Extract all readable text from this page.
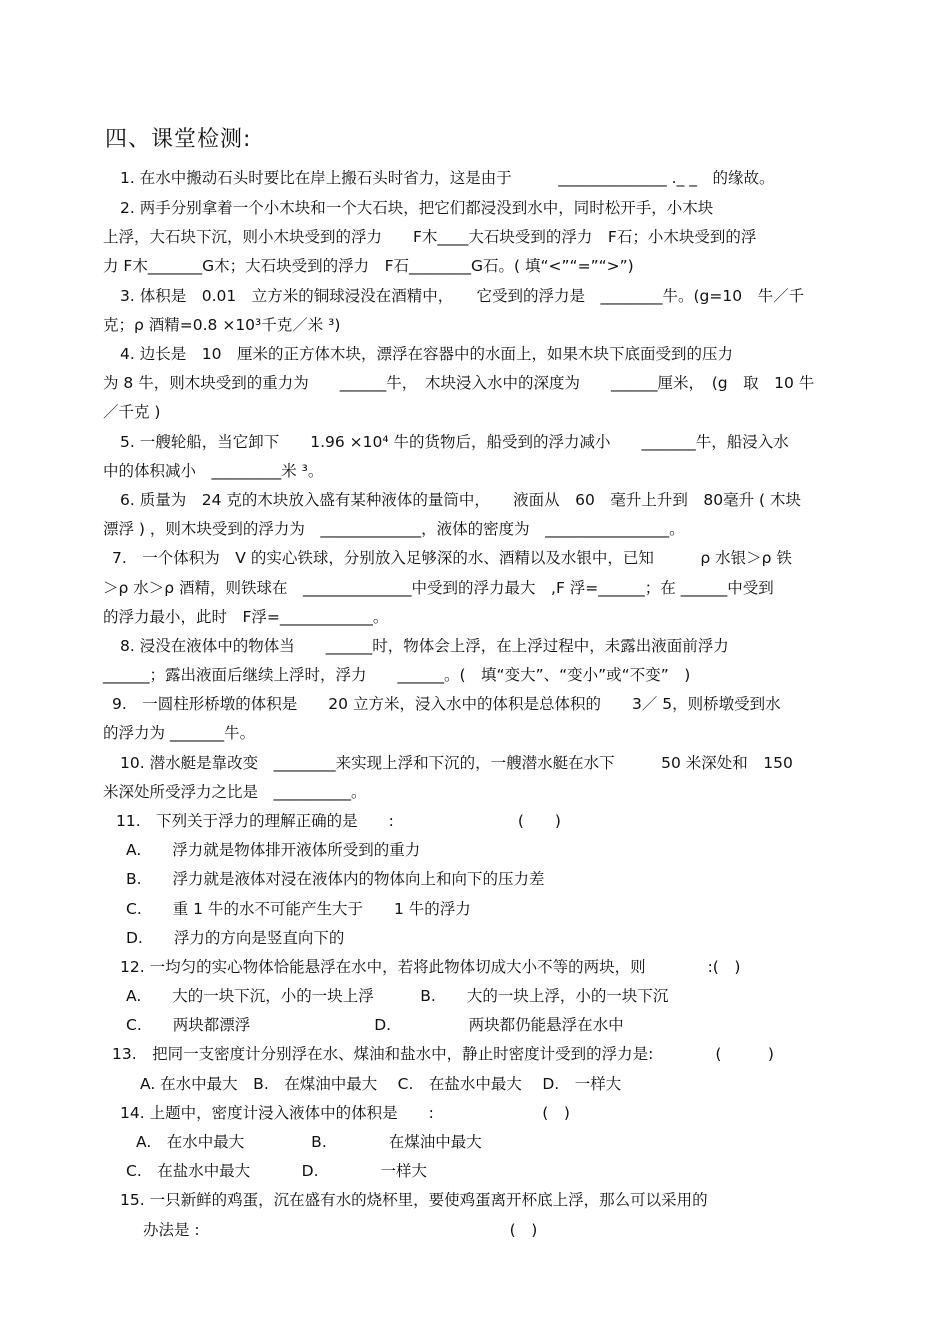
四、课堂检测:
1. 在水中搬动石头时要比在岸上搬石头时省力，这是由于　　　______________ ._ _　的缘故。
2. 两手分别拿着一个小木块和一个大石块，把它们都浸没到水中，同时松开手，小木块
上浮，大石块下沉，则小木块受到的浮力　　F木____大石块受到的浮力　F石；小木块受到的浮
力 F木_______G木；大石块受到的浮力　F石________G石。( 填“<”“=”“>”)
3. 体积是　0.01　立方米的铜球浸没在酒精中，　　它受到的浮力是　________牛。(g=10　牛／千
克；ρ 酒精=0.8 ×10³千克／米 ³)
4. 边长是　10　厘米的正方体木块，漂浮在容器中的水面上，如果木块下底面受到的压力
为 8 牛，则木块受到的重力为　　______牛，　木块浸入水中的深度为　　______厘米，　(g　取　10 牛
／千克 )
5. 一艘轮船，当它卸下　　1.96 ×10⁴ 牛的货物后，船受到的浮力减小　　_______牛，船浸入水
中的体积减小　_________米 ³。
6. 质量为　24 克的木块放入盛有某种液体的量筒中，　　液面从　60　毫升上升到　80毫升 ( 木块
漂浮 ) ，则木块受到的浮力为　_____________，液体的密度为　________________。
7.　一个体积为　V 的实心铁球，分别放入足够深的水、酒精以及水银中，已知　　　ρ 水银＞ρ 铁
＞ρ 水＞ρ 酒精，则铁球在　______________中受到的浮力最大　,F 浮=______；在 ______中受到
的浮力最小，此时　F浮=____________。
8. 浸没在液体中的物体当　　______时，物体会上浮，在上浮过程中，未露出液面前浮力
______；露出液面后继续上浮时，浮力　　______。(　填“变大”、“变小”或“不变”　)
9.　一圆柱形桥墩的体积是　　20 立方米，浸入水中的体积是总体积的　　3／ 5，则桥墩受到水
的浮力为 _______牛。
10. 潜水艇是靠改变　________来实现上浮和下沉的，一艘潜水艇在水下　　　50 米深处和　150
米深处所受浮力之比是　__________。
11.　下列关于浮力的理解正确的是　　:　　　　　　　　(　　)
A.　　浮力就是物体排开液体所受到的重力
B.　　浮力就是液体对浸在液体内的物体向上和向下的压力差
C.　　重 1 牛的水不可能产生大于　　1 牛的浮力
D.　　浮力的方向是竖直向下的
12. 一均匀的实心物体恰能悬浮在水中，若将此物体切成大小不等的两块，则　　　　:(　)
A.　　大的一块下沉，小的一块上浮　　　B.　　大的一块上浮，小的一块下沉
C.　　两块都漂浮　　　　　　　　D.　　　　　两块都仍能悬浮在水中
13.　把同一支密度计分别浮在水、煤油和盐水中，静止时密度计受到的浮力是:　　　　(　　　)
A. 在水中最大　B.　在煤油中最大　 C.　在盐水中最大　 D.　一样大
14. 上题中，密度计浸入液体中的体积是　　:　　　　　　　(　)
A.　在水中最大　　　　 B.　　　　在煤油中最大
C.　在盐水中最大　　　 D.　　　　一样大
15. 一只新鲜的鸡蛋，沉在盛有水的烧杯里，要使鸡蛋离开杯底上浮，那么可以采用的
办法是 :　　　　　　　　　　　　　　　　　　　　(　)
